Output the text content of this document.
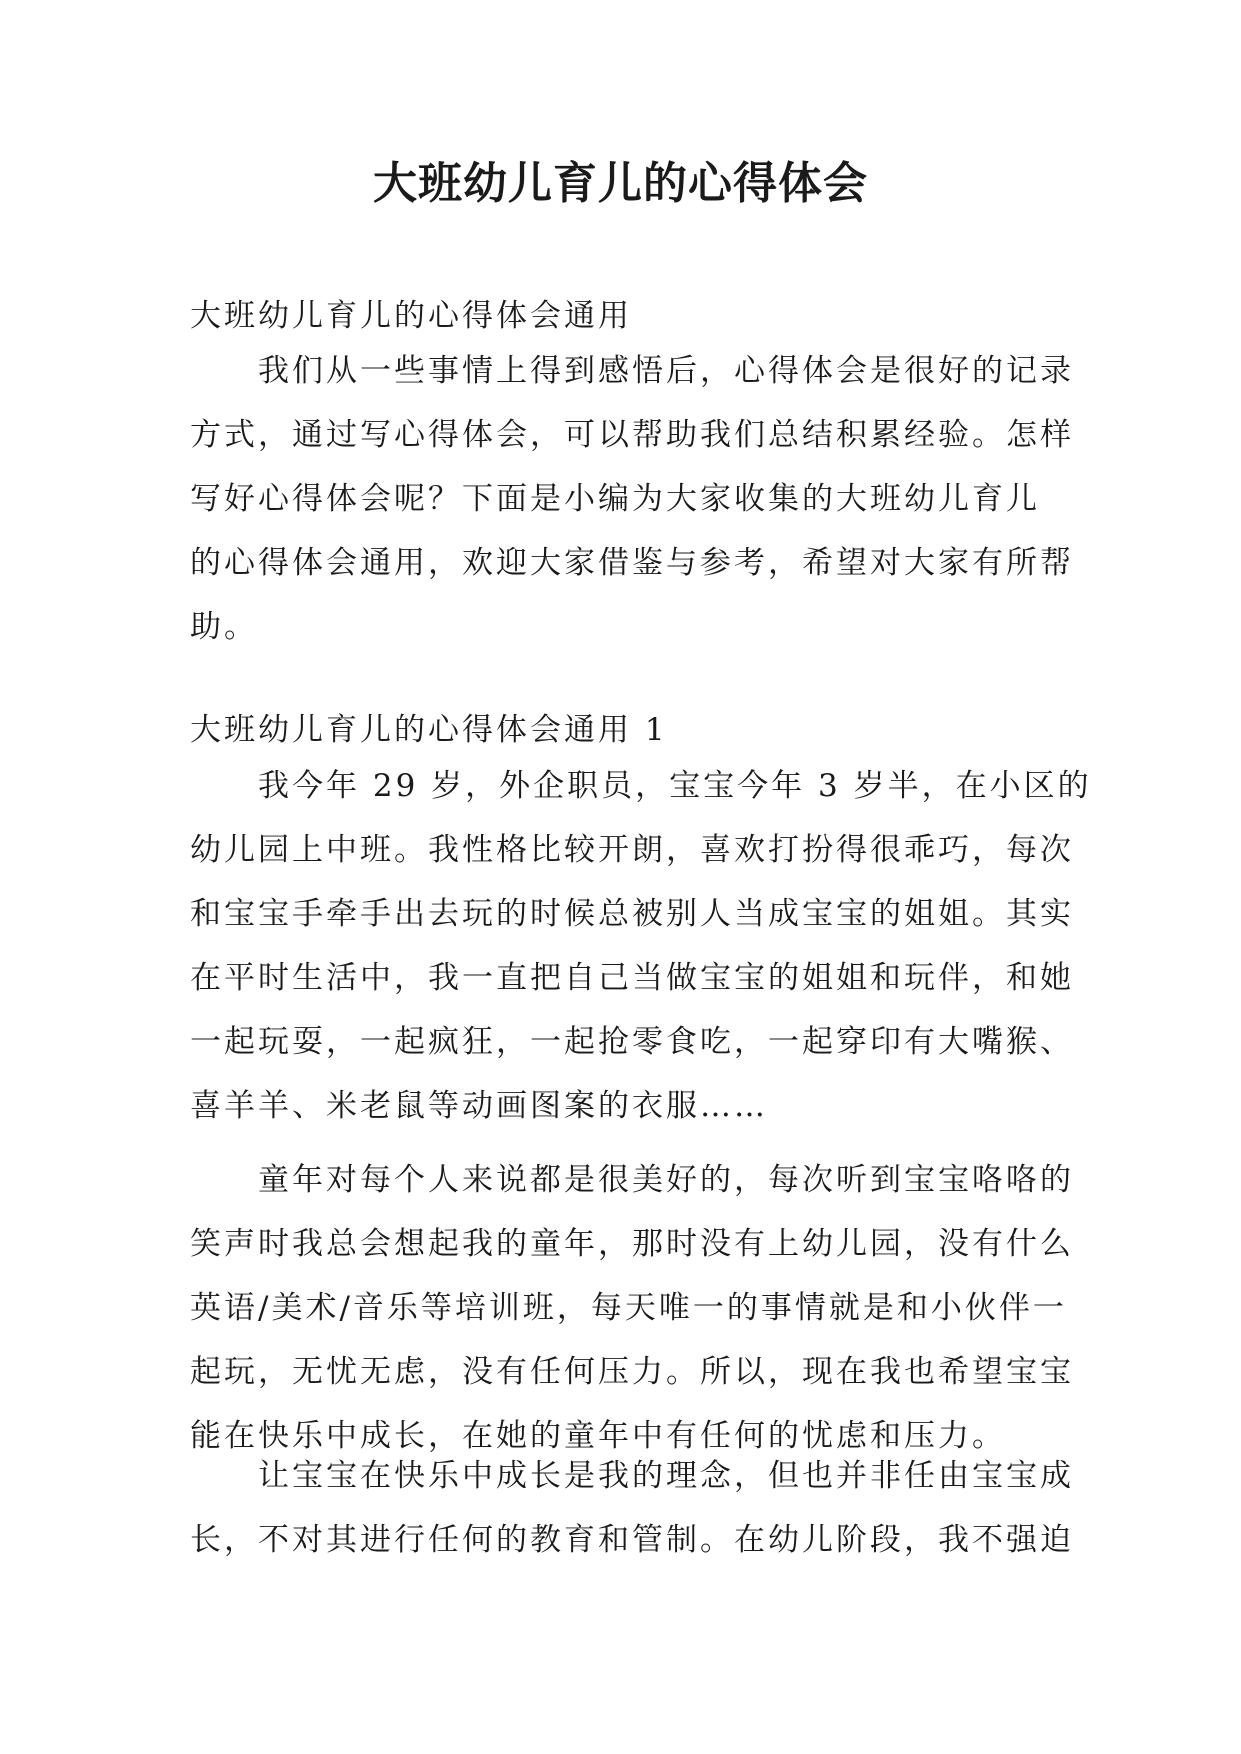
大班幼儿育儿的心得体会
大班幼儿育儿的心得体会通用
我们从一些事情上得到感悟后，心得体会是很好的记录
方式，通过写心得体会，可以帮助我们总结积累经验。怎样
写好心得体会呢？下面是小编为大家收集的大班幼儿育儿
的心得体会通用，欢迎大家借鉴与参考，希望对大家有所帮
助。
大班幼儿育儿的心得体会通用 1
我今年 29 岁，外企职员，宝宝今年 3 岁半，在小区的
幼儿园上中班。我性格比较开朗，喜欢打扮得很乖巧，每次
和宝宝手牵手出去玩的时候总被别人当成宝宝的姐姐。其实
在平时生活中，我一直把自己当做宝宝的姐姐和玩伴，和她
一起玩耍，一起疯狂，一起抢零食吃，一起穿印有大嘴猴、
喜羊羊、米老鼠等动画图案的衣服……
童年对每个人来说都是很美好的，每次听到宝宝咯咯的
笑声时我总会想起我的童年，那时没有上幼儿园，没有什么
英语/美术/音乐等培训班，每天唯一的事情就是和小伙伴一
起玩，无忧无虑，没有任何压力。所以，现在我也希望宝宝
能在快乐中成长，在她的童年中有任何的忧虑和压力。
让宝宝在快乐中成长是我的理念，但也并非任由宝宝成
长，不对其进行任何的教育和管制。在幼儿阶段，我不强迫
